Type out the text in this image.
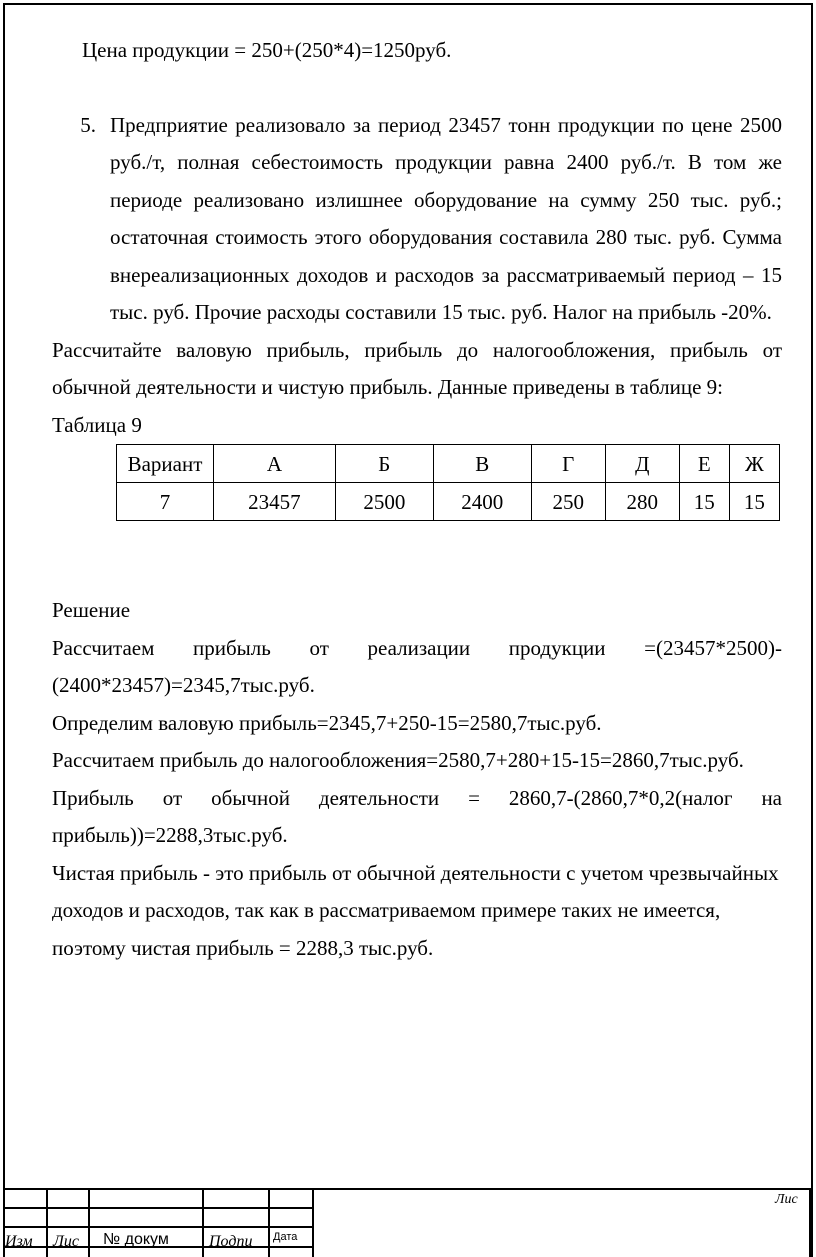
Цена продукции = 250+(250*4)=1250руб.

5. Предприятие реализовало за период 23457 тонн продукции по цене 2500 руб./т, полная себестоимость продукции равна 2400 руб./т. В том же периоде реализовано излишнее оборудование на сумму 250 тыс. руб.; остаточная стоимость этого оборудования составила 280 тыс. руб. Сумма внереализационных доходов и расходов за рассматриваемый период – 15 тыс. руб. Прочие расходы составили 15 тыс. руб. Налог на прибыль -20%.

Рассчитайте валовую прибыль, прибыль до налогообложения, прибыль от обычной деятельности и чистую прибыль. Данные приведены в таблице 9:

Таблица 9

Вариант	А	Б	В	Г	Д	Е	Ж
7	23457	2500	2400	250	280	15	15

Решение

Рассчитаем прибыль от реализации продукции =(23457*2500)-(2400*23457)=2345,7тыс.руб.

Определим валовую прибыль=2345,7+250-15=2580,7тыс.руб.

Рассчитаем прибыль до налогообложения=2580,7+280+15-15=2860,7тыс.руб.

Прибыль от обычной деятельности = 2860,7-(2860,7*0,2(налог на прибыль))=2288,3тыс.руб.

Чистая прибыль - это прибыль от обычной деятельности с учетом чрезвычайных доходов и расходов, так как в рассматриваемом примере таких не имеется, поэтому чистая прибыль = 2288,3 тыс.руб.

Изм Лис № докум	Подпи Дата
Лис
